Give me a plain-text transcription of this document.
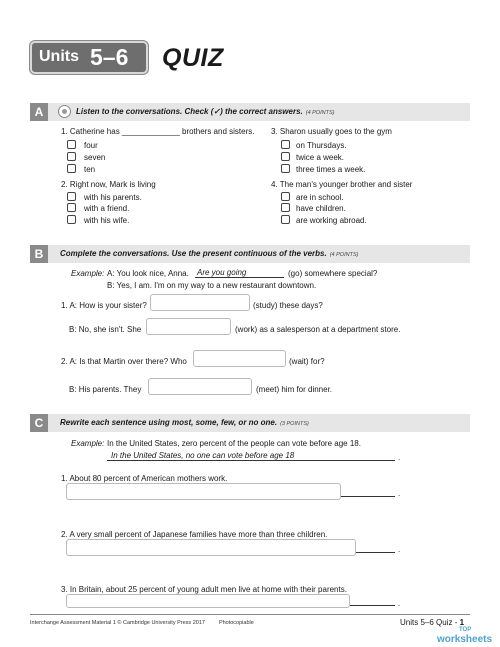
Units 5–6 QUIZ
A	Listen to the conversations. Check (✓) the correct answers. (4 POINTS)
1. Catherine has _____________ brothers and sisters.
four
seven
ten
2. Right now, Mark is living
with his parents.
with a friend.
with his wife.
3. Sharon usually goes to the gym
on Thursdays.
twice a week.
three times a week.
4. The man's younger brother and sister
are in school.
have children.
are working abroad.
B	Complete the conversations. Use the present continuous of the verbs. (4 POINTS)
Example: A: You look nice, Anna. Are you going	(go) somewhere special?
B: Yes, I am. I'm on my way to a new restaurant downtown.
1. A: How is your sister?	(study) these days?
B: No, she isn't. She	(work) as a salesperson at a department store.
2. A: Is that Martin over there? Who	(wait) for?
B: His parents. They	(meet) him for dinner.
C	Rewrite each sentence using most, some, few, or no one. (3 POINTS)
Example: In the United States, zero percent of the people can vote before age 18.
In the United States, no one can vote before age 18	.
1. About 80 percent of American mothers work.
.
2. A very small percent of Japanese families have more than three children.
.
3. In Britain, about 25 percent of young adult men live at home with their parents.
.
Interchange Assessment Material 1 © Cambridge University Press 2017	Photocopiable	Units 5–6 Quiz - 1
TOP
worksheets
